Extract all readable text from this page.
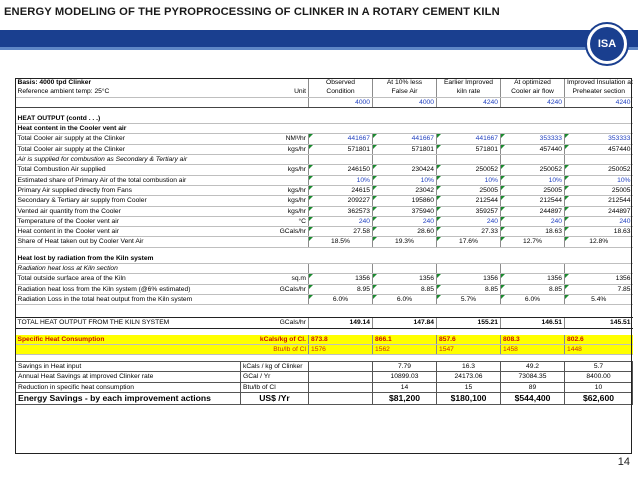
ENERGY MODELING OF THE PYROPROCESSING OF CLINKER IN A ROTARY CEMENT KILN
ISA
Basis: 4000 tpd Clinker		Observed	At 10% less	Earlier Improved	At optimized	Improved Insulation at
Reference ambient temp: 25°C	Unit	Condition	False Air	kiln rate	Cooler air flow	Preheater section
		4000	4000	4240	4240	4240

HEAT OUTPUT (contd . . .)						
Heat content in the Cooler vent air						
Total Cooler air supply at the Clinker	NM³/hr	441667	441667	441667	353333	353333
Total Cooler air supply at the Clinker	kgs/hr	571801	571801	571801	457440	457440
Air is supplied for combustion as Secondary & Tertiary air						
Total Combustion Air supplied	kgs/hr	246150	230424	250052	250052	250052
Estimated share of Primary Air of the total combustion air		10%	10%	10%	10%	10%
Primary Air supplied directly from Fans	kgs/hr	24615	23042	25005	25005	25005
Secondary & Tertiary air supply from Cooler	kgs/hr	209227	195860	212544	212544	212544
Vented air quantity from the Cooler	kgs/hr	362573	375940	359257	244897	244897
Temperature of the Cooler vent air	°C	240	240	240	240	240
Heat content in the Cooler vent air	GCals/hr	27.58	28.60	27.33	18.63	18.63
Share of Heat taken out by Cooler Vent Air		18.5%	19.3%	17.6%	12.7%	12.8%

Heat lost by radiation from the Kiln system						
Radiation heat loss at Kiln section						
Total outside surface area of the Kiln	sq.m	1356	1356	1356	1356	1356
Radiation heat loss from the Kiln system (@6% estimated)	GCals/hr	8.95	8.85	8.85	8.85	7.85
Radiation Loss in the total heat output from the Kiln system		6.0%	6.0%	5.7%	6.0%	5.4%

TOTAL HEAT OUTPUT FROM THE KILN SYSTEM	GCals/hr	149.14	147.84	155.21	146.51	145.51

Specific Heat Consumption	kCals/kg of Cl.	873.8	866.1	857.6	808.3	802.6
	Btu/lb of Cl	1576	1562	1547	1458	1448

Savings in Heat input	kCals / kg of Clinker		7.79	16.3	49.2	5.7
Annual Heat Savings at improved Clinker rate	GCal / Yr		10899.03	24173.06	73084.35	8400.00
Reduction in specific heat consumption	Btu/lb of Cl		14	15	89	10
Energy Savings - by each improvement actions	US$ /Yr		$81,200	$180,100	$544,400	$62,600
14
